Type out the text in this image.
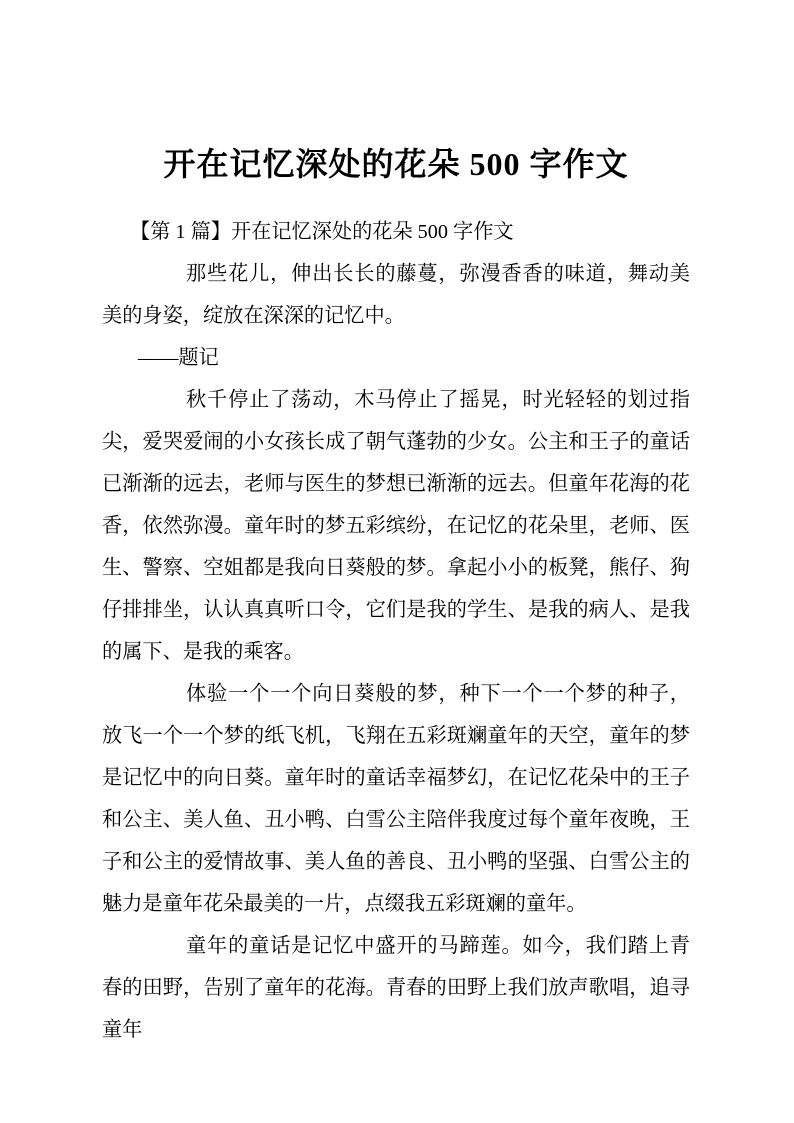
开在记忆深处的花朵 500 字作文

【第 1 篇】开在记忆深处的花朵 500 字作文

那些花儿，伸出长长的藤蔓，弥漫香香的味道，舞动美美的身姿，绽放在深深的记忆中。

——题记

秋千停止了荡动，木马停止了摇晃，时光轻轻的划过指尖，爱哭爱闹的小女孩长成了朝气蓬勃的少女。公主和王子的童话已渐渐的远去，老师与医生的梦想已渐渐的远去。但童年花海的花香，依然弥漫。童年时的梦五彩缤纷，在记忆的花朵里，老师、医生、警察、空姐都是我向日葵般的梦。拿起小小的板凳，熊仔、狗仔排排坐，认认真真听口令，它们是我的学生、是我的病人、是我的属下、是我的乘客。

体验一个一个向日葵般的梦，种下一个一个梦的种子，放飞一个一个梦的纸飞机，飞翔在五彩斑斓童年的天空，童年的梦是记忆中的向日葵。童年时的童话幸福梦幻，在记忆花朵中的王子和公主、美人鱼、丑小鸭、白雪公主陪伴我度过每个童年夜晚，王子和公主的爱情故事、美人鱼的善良、丑小鸭的坚强、白雪公主的魅力是童年花朵最美的一片，点缀我五彩斑斓的童年。

童年的童话是记忆中盛开的马蹄莲。如今，我们踏上青春的田野，告别了童年的花海。青春的田野上我们放声歌唱，追寻童年
